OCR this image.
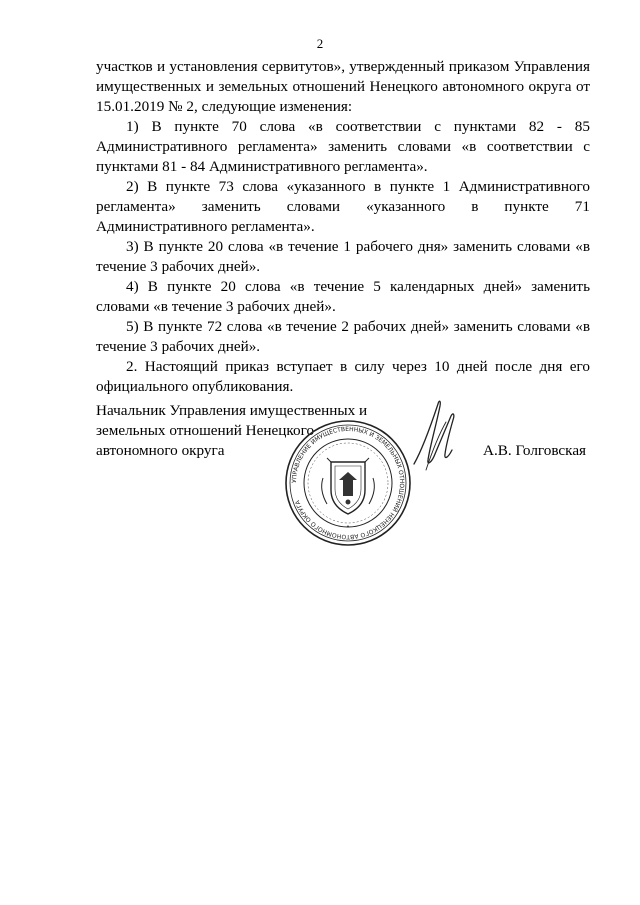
2

участков и установления сервитутов», утвержденный приказом Управления имущественных и земельных отношений Ненецкого автономного округа от 15.01.2019 № 2, следующие изменения:

1) В пункте 70 слова «в соответствии с пунктами 82 - 85 Административного регламента» заменить словами «в соответствии с пунктами 81 - 84 Административного регламента».

2) В пункте 73 слова «указанного в пункте 1 Административного регламента» заменить словами «указанного в пункте 71 Административного регламента».

3) В пункте 20 слова «в течение 1 рабочего дня» заменить словами «в течение 3 рабочих дней».

4) В пункте 20 слова «в течение 5 календарных дней» заменить словами «в течение 3 рабочих дней».

5) В пункте 72 слова «в течение 2 рабочих дней» заменить словами «в течение 3 рабочих дней».

2. Настоящий приказ вступает в силу через 10 дней после дня его официального опубликования.

Начальник Управления имущественных и
земельных отношений Ненецкого
автономного округа	А.В. Голговская
УПРАВЛЕНИЕ ИМУЩЕСТВЕННЫХ И ЗЕМЕЛЬНЫХ ОТНОШЕНИЙ НЕНЕЦКОГО АВТОНОМНОГО ОКРУГА
•
